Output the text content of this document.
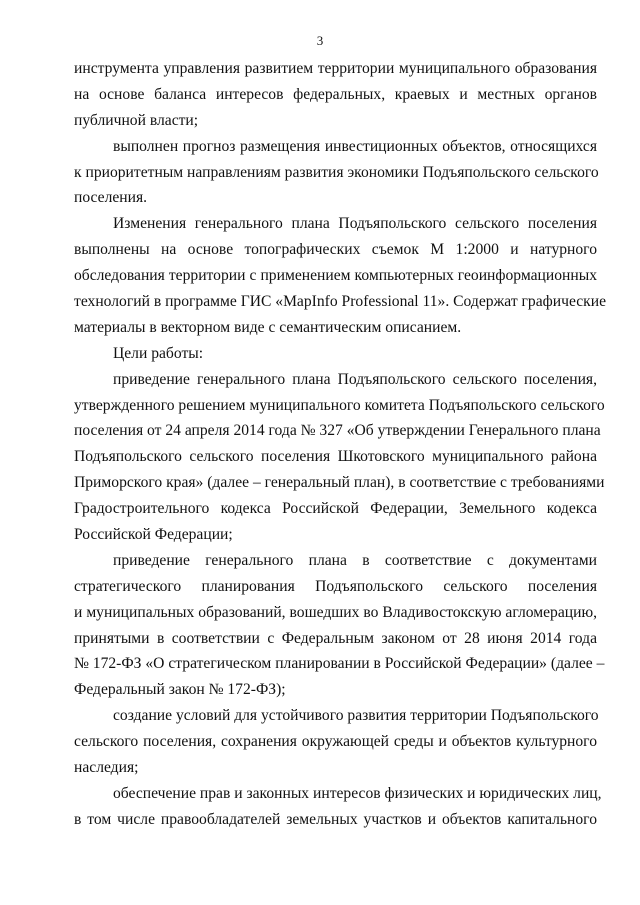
3
инструмента управления развитием территории муниципального образования
на основе баланса интересов федеральных, краевых и местных органов
публичной власти;
выполнен прогноз размещения инвестиционных объектов, относящихся
к приоритетным направлениям развития экономики Подъяпольского сельского
поселения.
Изменения генерального плана Подъяпольского сельского поселения
выполнены на основе топографических съемок М 1:2000 и натурного
обследования территории с применением компьютерных геоинформационных
технологий в программе ГИС «MapInfo Professional 11». Содержат графические
материалы в векторном виде с семантическим описанием.
Цели работы:
приведение генерального плана Подъяпольского сельского поселения,
утвержденного решением муниципального комитета Подъяпольского сельского
поселения от 24 апреля 2014 года № 327 «Об утверждении Генерального плана
Подъяпольского сельского поселения Шкотовского муниципального района
Приморского края» (далее – генеральный план), в соответствие с требованиями
Градостроительного кодекса Российской Федерации, Земельного кодекса
Российской Федерации;
приведение генерального плана в соответствие с документами
стратегического планирования Подъяпольского сельского поселения
и муниципальных образований, вошедших во Владивостокскую агломерацию,
принятыми в соответствии с Федеральным законом от 28 июня 2014 года
№ 172-ФЗ «О стратегическом планировании в Российской Федерации» (далее –
Федеральный закон № 172-ФЗ);
создание условий для устойчивого развития территории Подъяпольского
сельского поселения, сохранения окружающей среды и объектов культурного
наследия;
обеспечение прав и законных интересов физических и юридических лиц,
в том числе правообладателей земельных участков и объектов капитального
